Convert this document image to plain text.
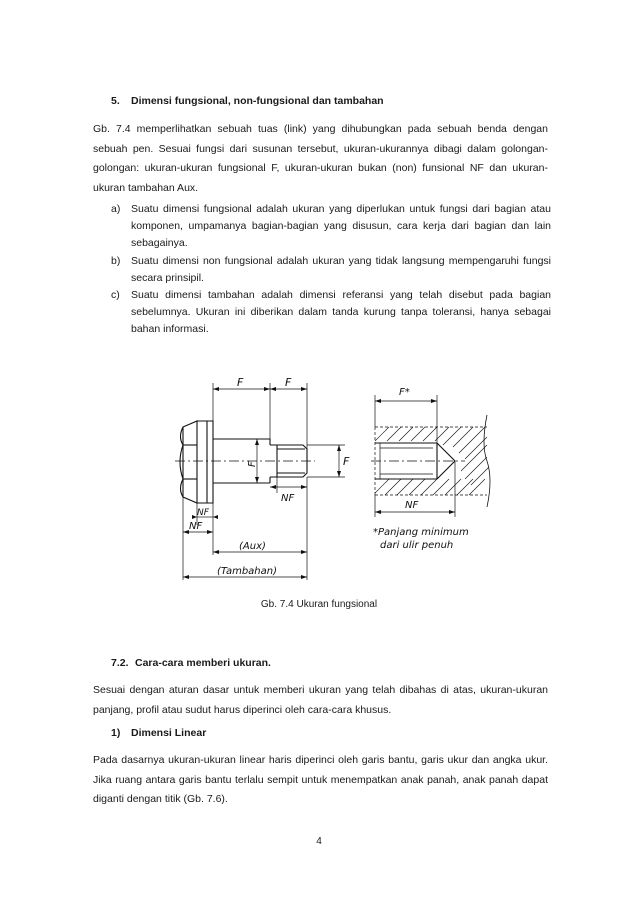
5. Dimensi fungsional, non-fungsional dan tambahan
Gb. 7.4 memperlihatkan sebuah tuas (link) yang dihubungkan pada sebuah benda dengan
sebuah pen. Sesuai fungsi dari susunan tersebut, ukuran-ukurannya dibagi dalam golongan-
golongan: ukuran-ukuran fungsional F, ukuran-ukuran bukan (non) funsional NF dan ukuran-
ukuran tambahan Aux.
a) Suatu dimensi fungsional adalah ukuran yang diperlukan untuk fungsi dari bagian atau
komponen, umpamanya bagian-bagian yang disusun, cara kerja dari bagian dan lain
sebagainya.
b) Suatu dimensi non fungsional adalah ukuran yang tidak langsung mempengaruhi fungsi
secara prinsipil.
c) Suatu dimensi tambahan adalah dimensi referansi yang telah disebut pada bagian
sebelumnya. Ukuran ini diberikan dalam tanda kurung tanpa toleransi, hanya sebagai
bahan informasi.
F	F
F	F
NF
NF
NF
(Aux)
(Tambahan)
F*
NF
*Panjang minimum
dari ulir penuh
Gb. 7.4 Ukuran fungsional
7.2. Cara-cara memberi ukuran.
Sesuai dengan aturan dasar untuk memberi ukuran yang telah dibahas di atas, ukuran-ukuran
panjang, profil atau sudut harus diperinci oleh cara-cara khusus.
1) Dimensi Linear
Pada dasarnya ukuran-ukuran linear haris diperinci oleh garis bantu, garis ukur dan angka ukur.
Jika ruang antara garis bantu terlalu sempit untuk menempatkan anak panah, anak panah dapat
diganti dengan titik (Gb. 7.6).
4
